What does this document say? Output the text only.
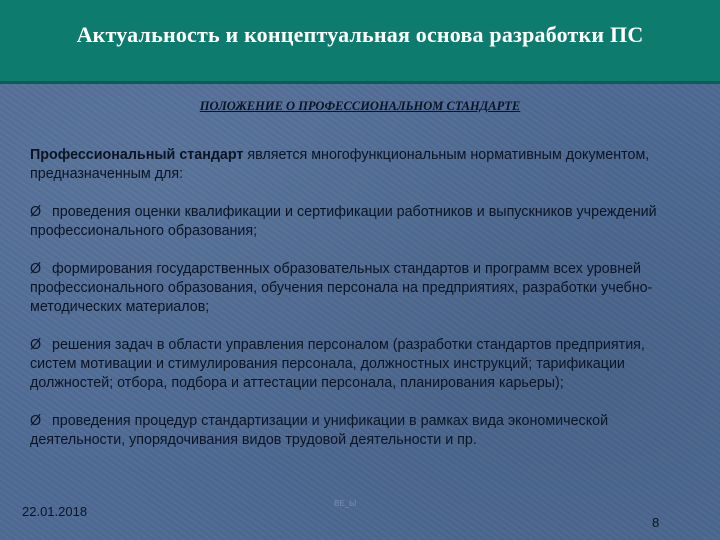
Актуальность и концептуальная основа разработки ПС
ПОЛОЖЕНИЕ О ПРОФЕССИОНАЛЬНОМ СТАНДАРТЕ

Профессиональный стандарт является многофункциональным нормативным документом, предназначенным для:

Ø проведения оценки квалификации и сертификации работников и выпускников учреждений профессионального образования;

Ø формирования государственных образовательных стандартов и программ всех уровней профессионального образования, обучения персонала на предприятиях, разработки учебно-методических материалов;

Ø решения задач в области управления персоналом (разработки стандартов предприятия, систем мотивации и стимулирования персонала, должностных инструкций; тарификации должностей; отбора, подбора и аттестации персонала, планирования карьеры);

Ø проведения процедур стандартизации и унификации в рамках вида экономической деятельности, упорядочивания видов трудовой деятельности и пр.

22.01.2018
ВЕ_Ы
8
